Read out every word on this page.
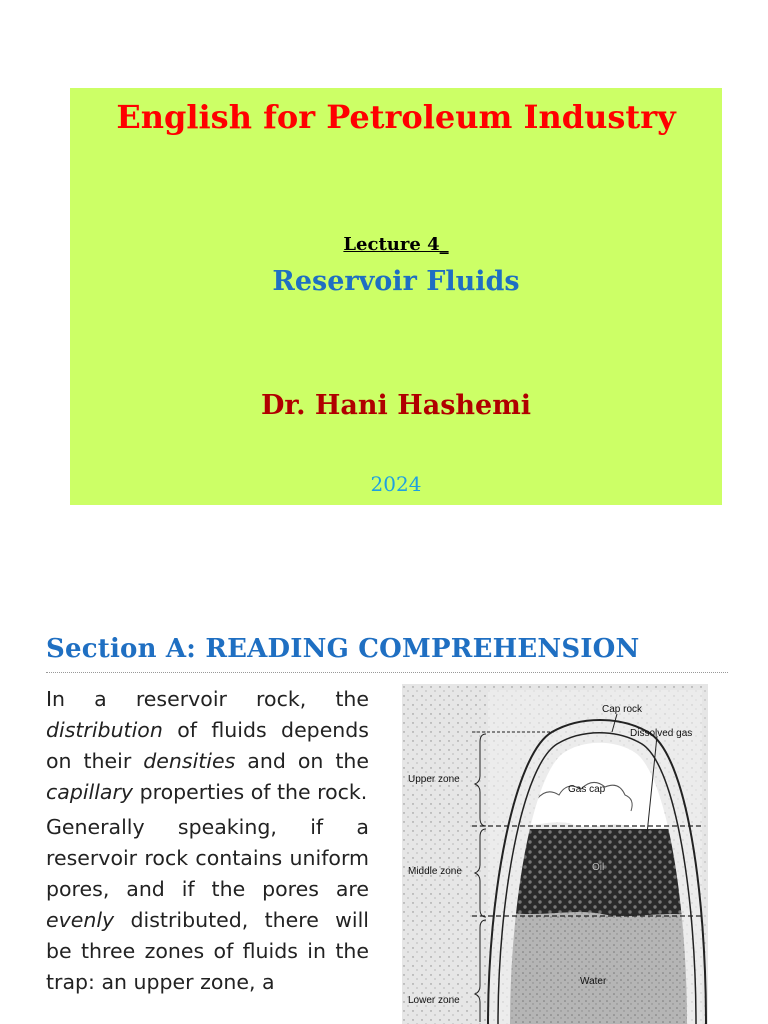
English for Petroleum Industry
Lecture 4_
Reservoir Fluids
Dr. Hani Hashemi
2024
Section A: READING COMPREHENSION

In a reservoir rock, the distribution of fluids depends on their densities and on the capillary properties of the rock.

Generally speaking, if a reservoir rock contains uniform pores, and if the pores are evenly distributed, there will be three zones of fluids in the trap: an upper zone, a

Cap rock
Dissolved gas
Upper zone
Gas cap
Middle zone	Oil
Lower zone
Water
